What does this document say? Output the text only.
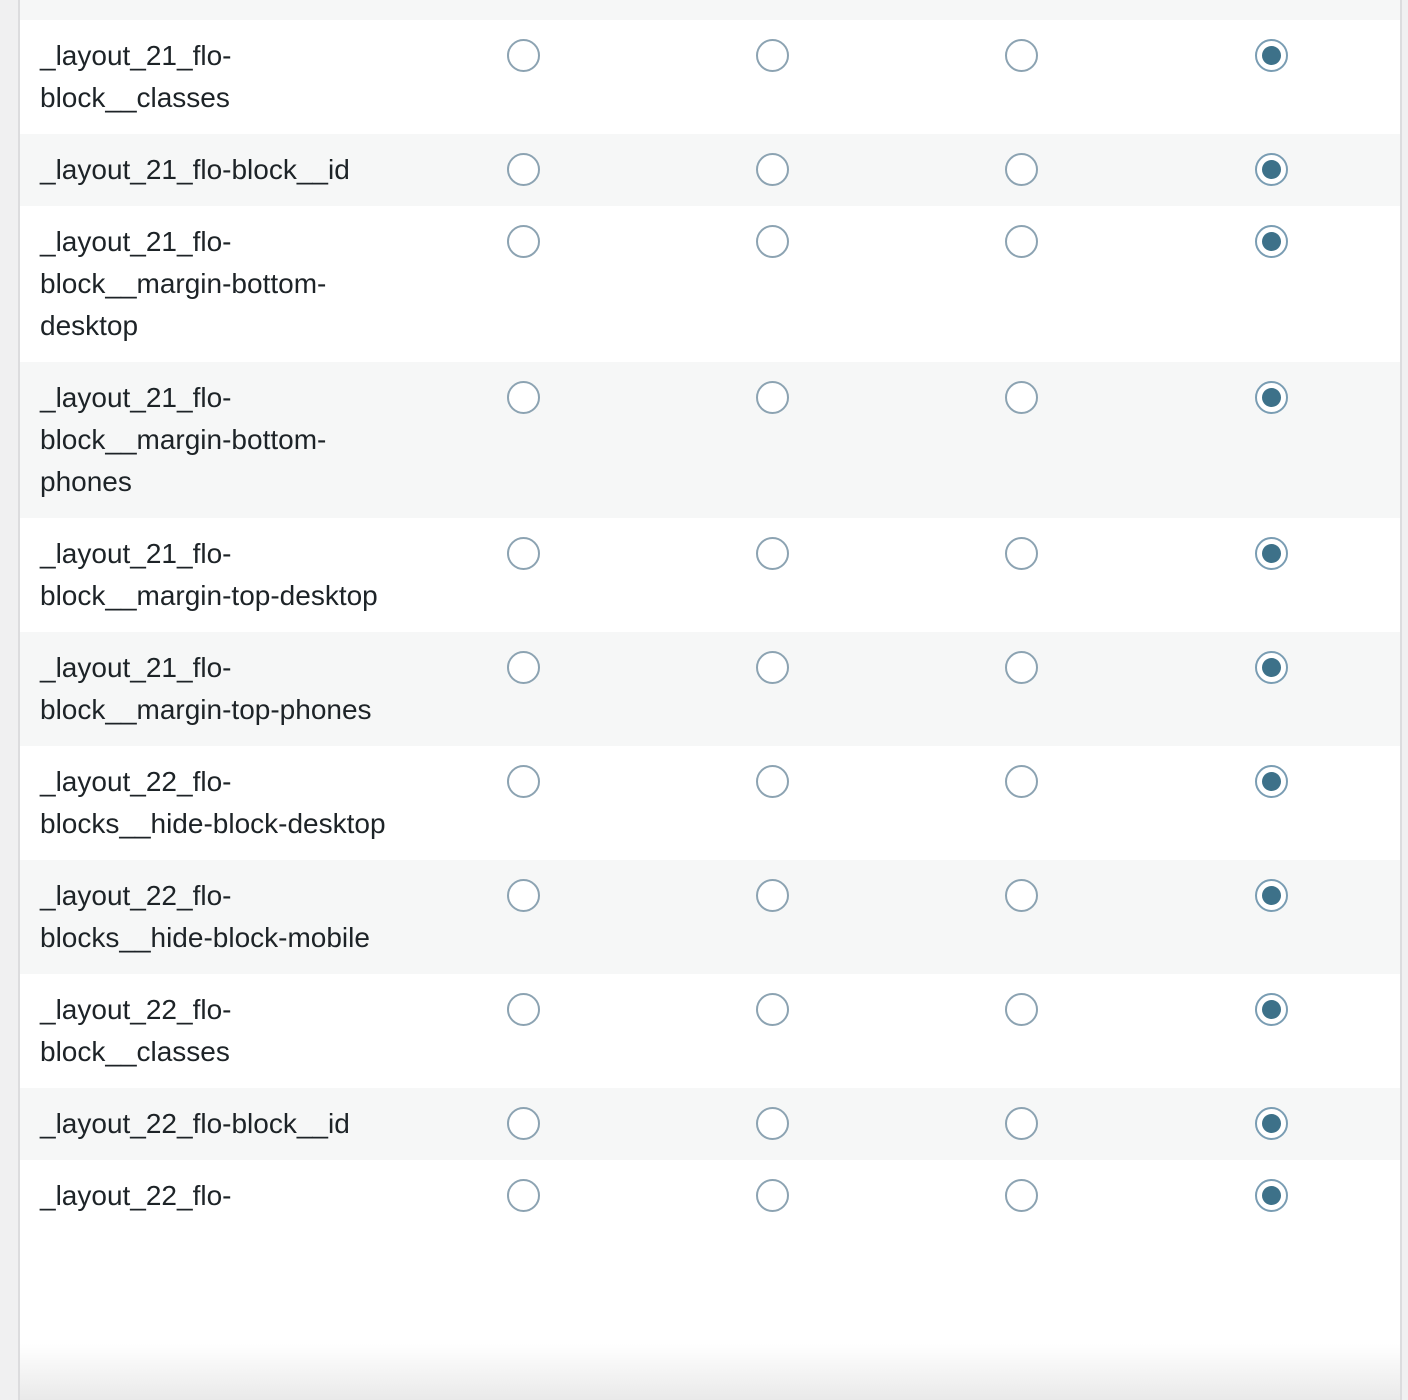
_layout_21_flo-block__classes
_layout_21_flo-block__id
_layout_21_flo-block__margin-bottom-desktop
_layout_21_flo-block__margin-bottom-phones
_layout_21_flo-block__margin-top-desktop
_layout_21_flo-block__margin-top-phones
_layout_22_flo-blocks__hide-block-desktop
_layout_22_flo-blocks__hide-block-mobile
_layout_22_flo-block__classes
_layout_22_flo-block__id
_layout_22_flo-
